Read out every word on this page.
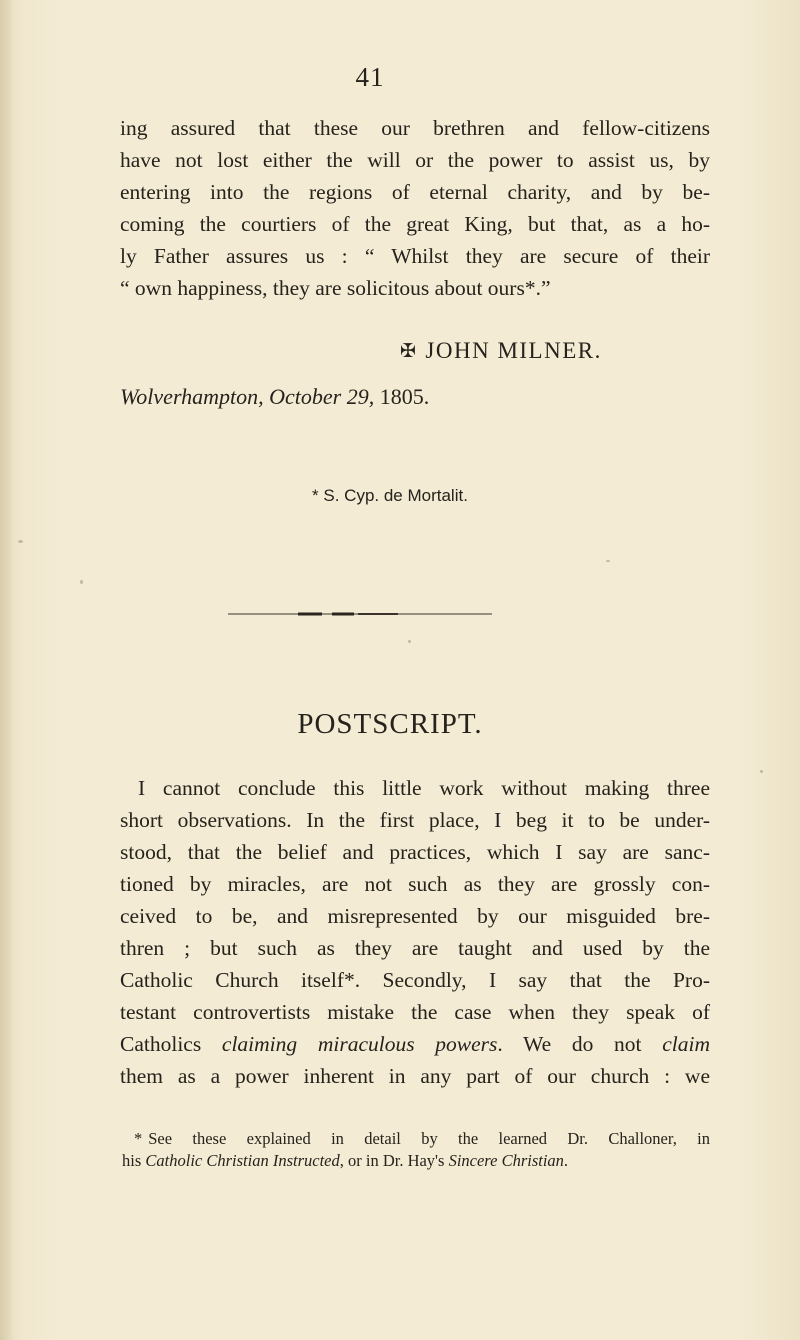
41
ing assured that these our brethren and fellow-citizens
have not lost either the will or the power to assist us, by
entering into the regions of eternal charity, and by be-
coming the courtiers of the great King, but that, as a ho-
ly Father assures us : “ Whilst they are secure of their
“ own happiness, they are solicitous about ours*.”
✠ JOHN MILNER.
Wolverhampton, October 29, 1805.
* S. Cyp. de Mortalit.
POSTSCRIPT.
I cannot conclude this little work without making three
short observations. In the first place, I beg it to be under-
stood, that the belief and practices, which I say are sanc-
tioned by miracles, are not such as they are grossly con-
ceived to be, and misrepresented by our misguided bre-
thren ; but such as they are taught and used by the
Catholic Church itself*. Secondly, I say that the Pro-
testant controvertists mistake the case when they speak of
Catholics claiming miraculous powers. We do not claim
them as a power inherent in any part of our church : we
* See these explained in detail by the learned Dr. Challoner, in
his Catholic Christian Instructed, or in Dr. Hay's Sincere Christian.
